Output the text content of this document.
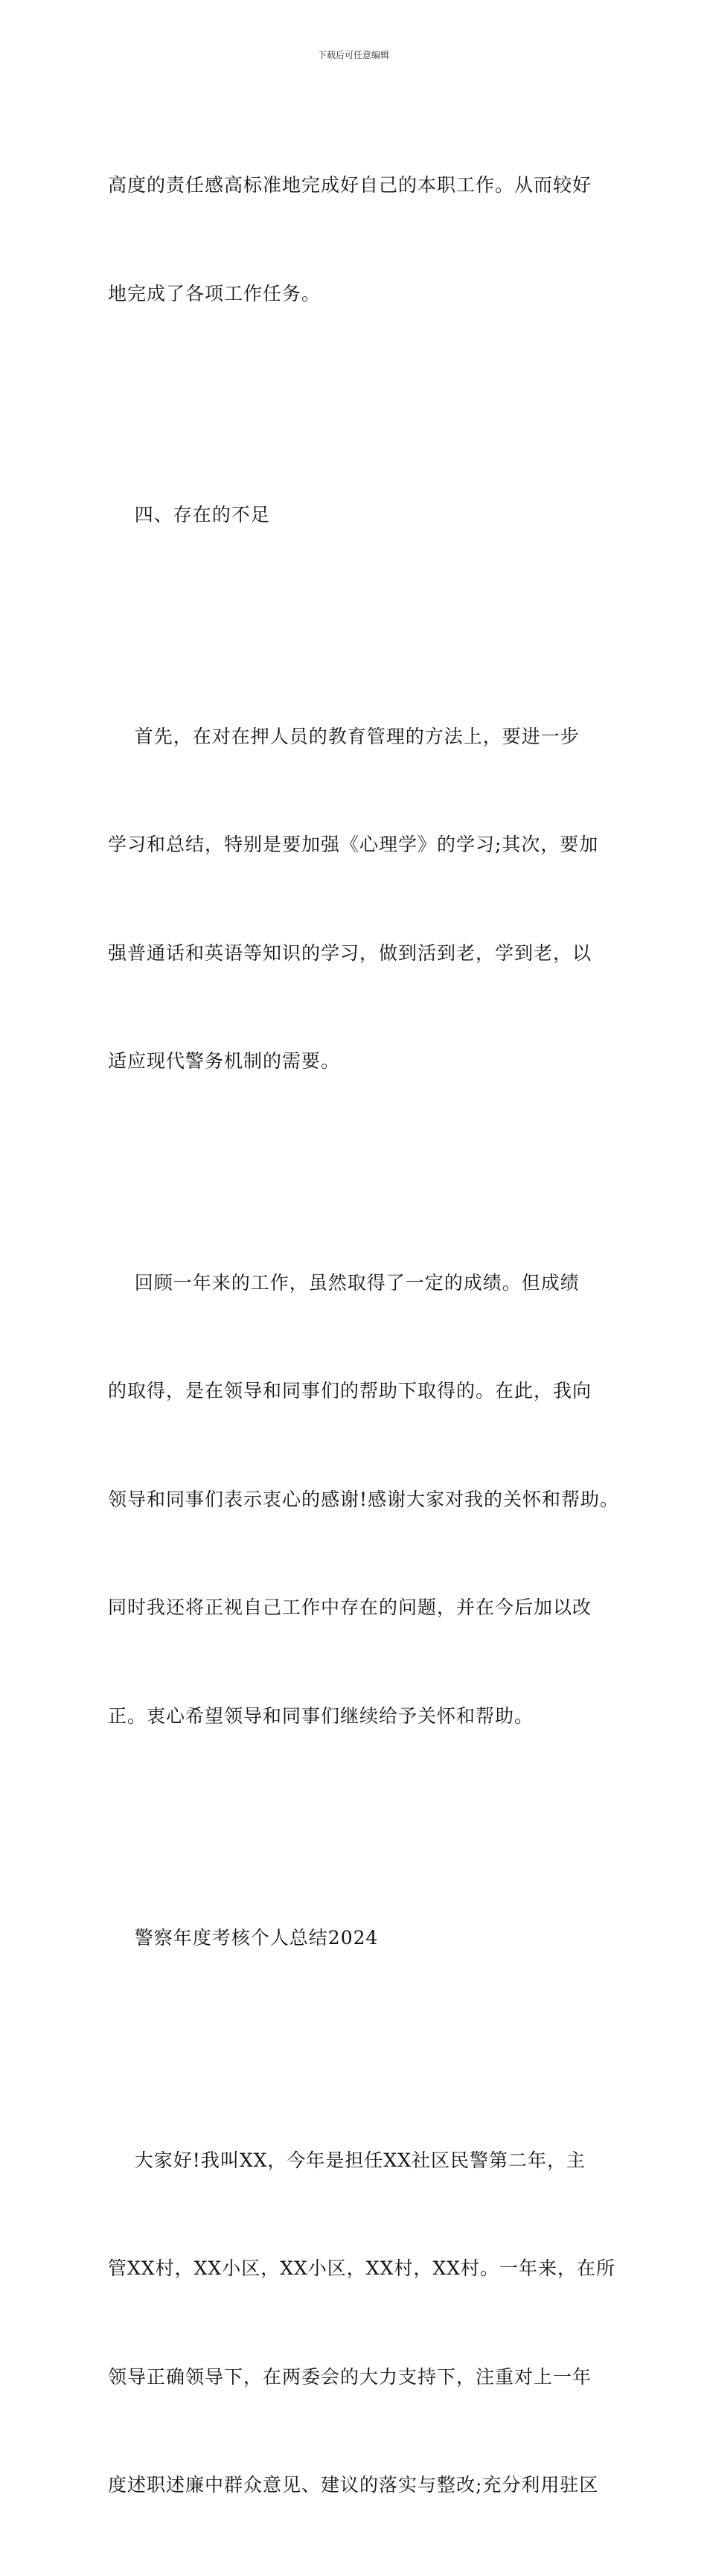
下载后可任意编辑

高度的责任感高标准地完成好自己的本职工作。从而较好

地完成了各项工作任务。

四、存在的不足

首先，在对在押人员的教育管理的方法上，要进一步

学习和总结，特别是要加强《心理学》的学习;其次，要加

强普通话和英语等知识的学习，做到活到老，学到老，以

适应现代警务机制的需要。

回顾一年来的工作，虽然取得了一定的成绩。但成绩

的取得，是在领导和同事们的帮助下取得的。在此，我向

领导和同事们表示衷心的感谢!感谢大家对我的关怀和帮助。

同时我还将正视自己工作中存在的问题，并在今后加以改

正。衷心希望领导和同事们继续给予关怀和帮助。

警察年度考核个人总结2024

大家好!我叫XX，今年是担任XX社区民警第二年，主

管XX村，XX小区，XX小区，XX村，XX村。一年来，在所

领导正确领导下，在两委会的大力支持下，注重对上一年

度述职述廉中群众意见、建议的落实与整改;充分利用驻区
